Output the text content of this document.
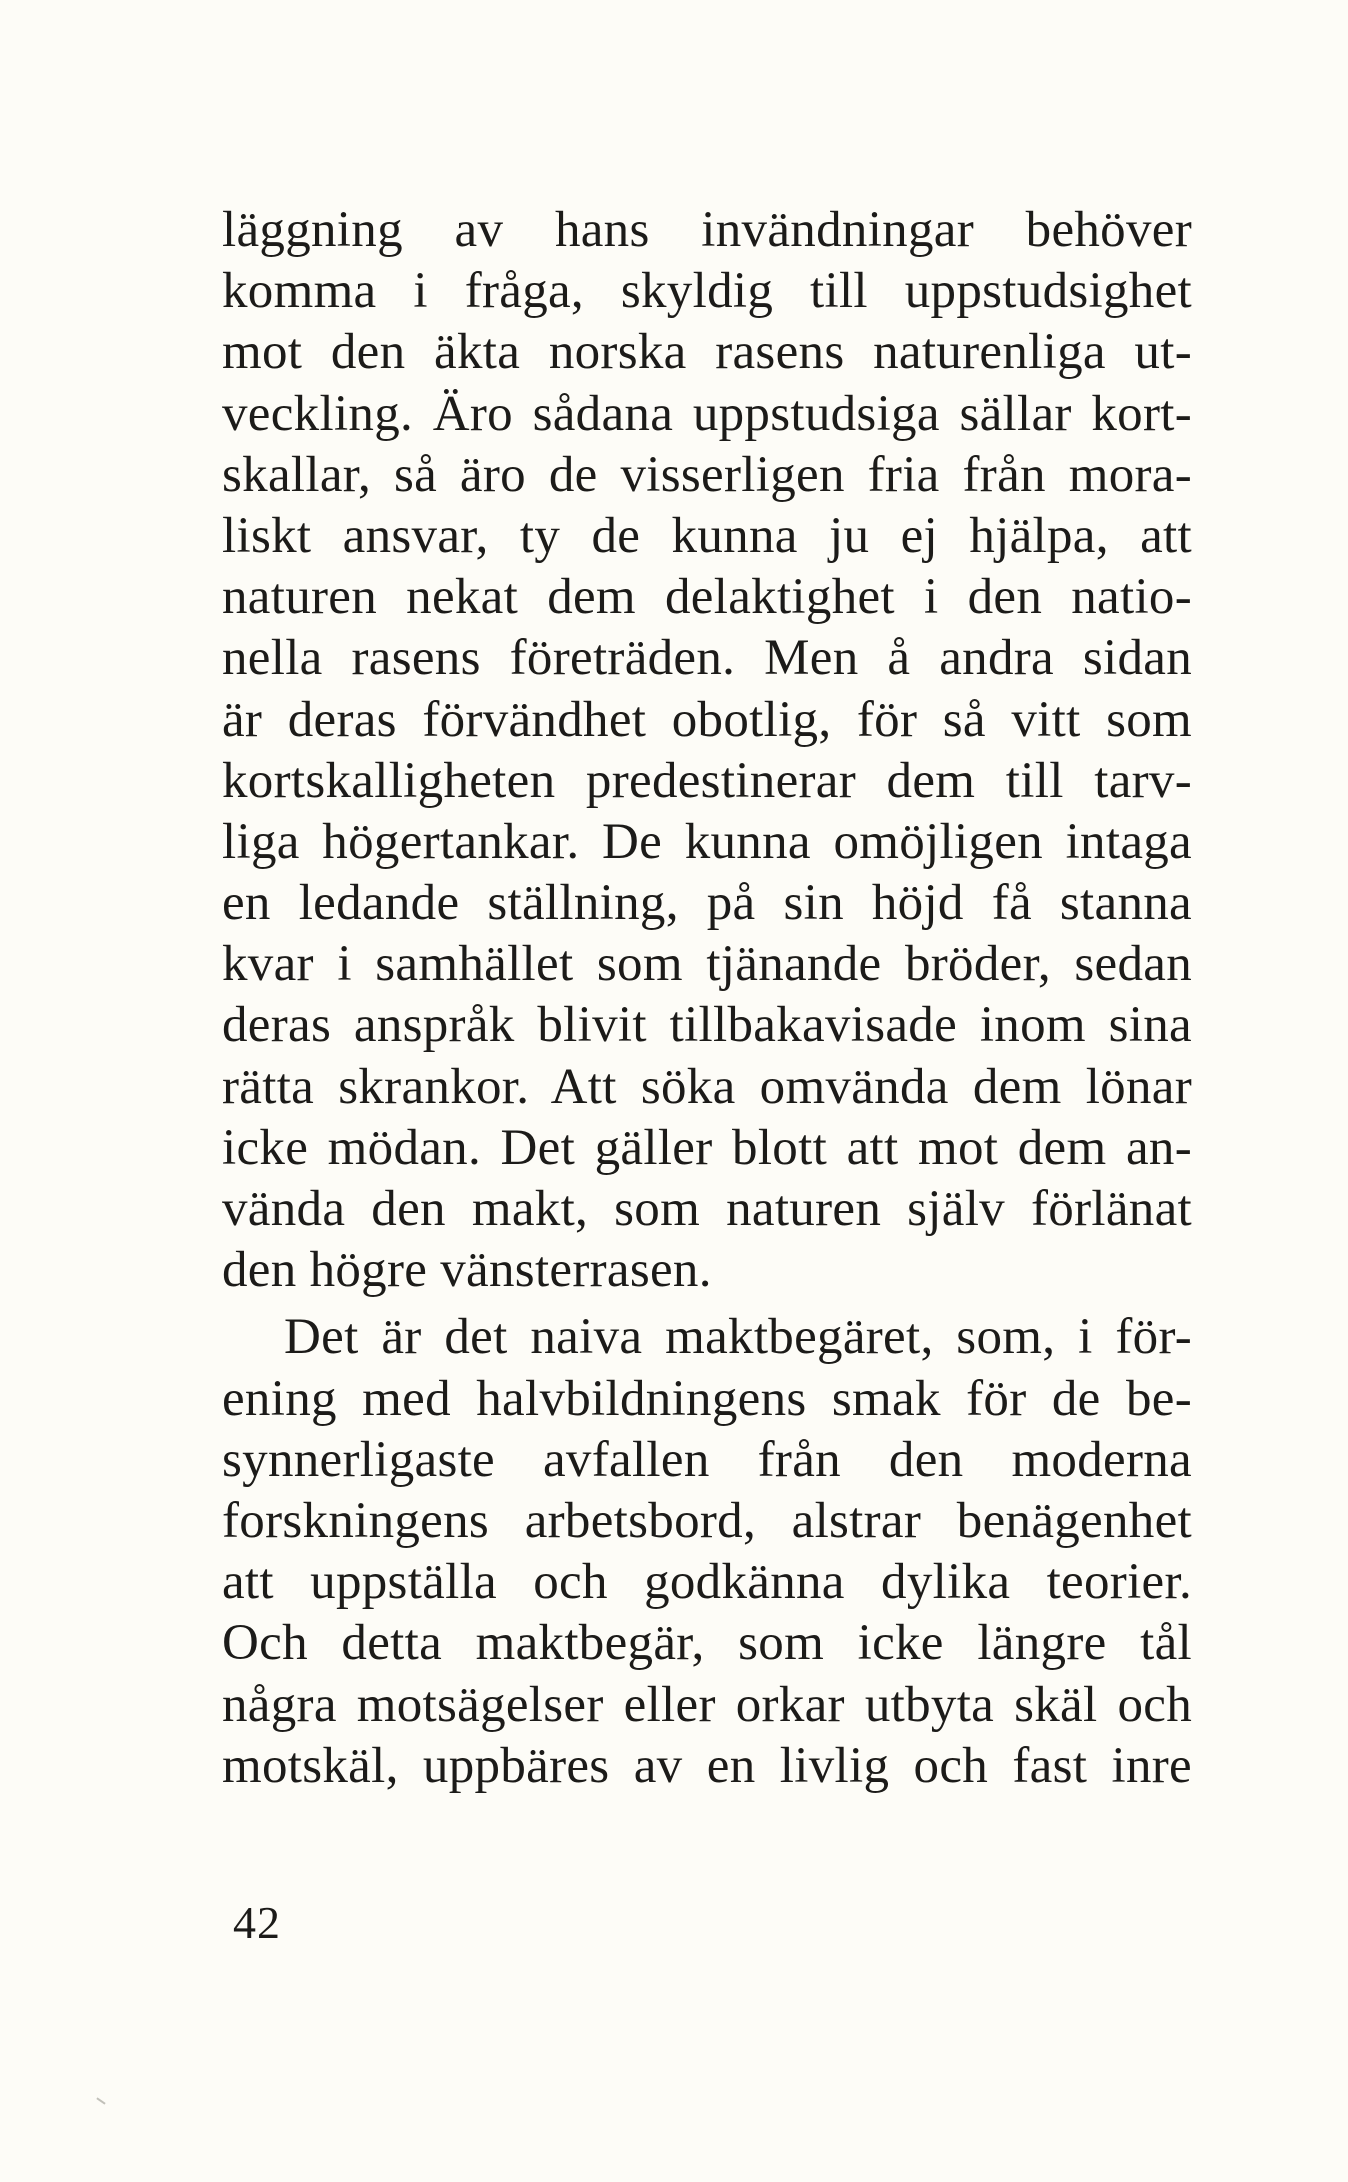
läggning av hans invändningar behöver
komma i fråga, skyldig till uppstudsighet
mot den äkta norska rasens naturenliga ut-
veckling. Äro sådana uppstudsiga sällar kort-
skallar, så äro de visserligen fria från mora-
liskt ansvar, ty de kunna ju ej hjälpa, att
naturen nekat dem delaktighet i den natio-
nella rasens företräden. Men å andra sidan
är deras förvändhet obotlig, för så vitt som
kortskalligheten predestinerar dem till tarv-
liga högertankar. De kunna omöjligen intaga
en ledande ställning, på sin höjd få stanna
kvar i samhället som tjänande bröder, sedan
deras anspråk blivit tillbakavisade inom sina
rätta skrankor. Att söka omvända dem lönar
icke mödan. Det gäller blott att mot dem an-
vända den makt, som naturen själv förlänat
den högre vänsterrasen.
Det är det naiva maktbegäret, som, i för-
ening med halvbildningens smak för de be-
synnerligaste avfallen från den moderna
forskningens arbetsbord, alstrar benägenhet
att uppställa och godkänna dylika teorier.
Och detta maktbegär, som icke längre tål
några motsägelser eller orkar utbyta skäl och
motskäl, uppbäres av en livlig och fast inre
42
